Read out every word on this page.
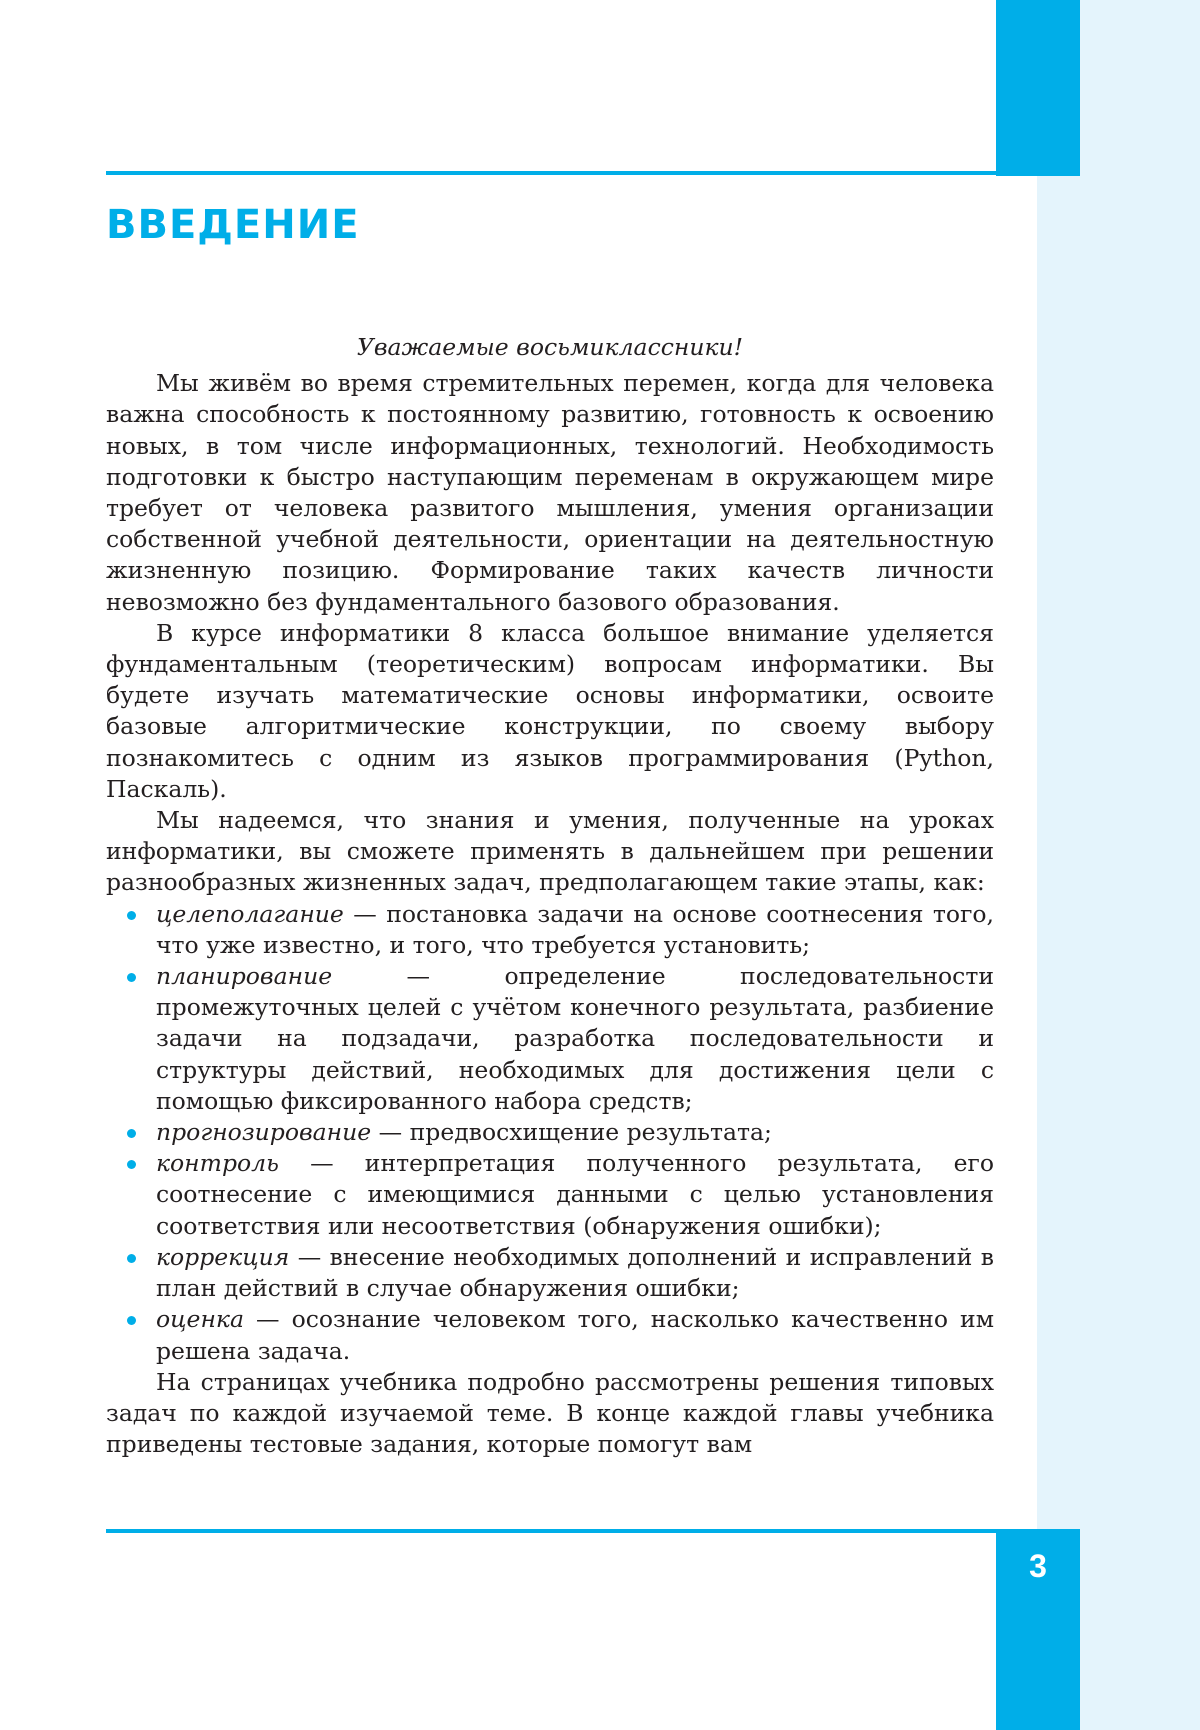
ВВЕДЕНИЕ

Уважаемые восьмиклассники!

Мы живём во время стремительных перемен, когда для человека важна способность к постоянному развитию, готовность к освоению новых, в том числе информационных, технологий. Необходимость подготовки к быстро наступающим переменам в окружающем мире требует от человека развитого мышления, умения организации собственной учебной деятельности, ориентации на деятельностную жизненную позицию. Формирование таких качеств личности невозможно без фундаментального базового образования.

В курсе информатики 8 класса большое внимание уделяется фундаментальным (теоретическим) вопросам информатики. Вы будете изучать математические основы информатики, освоите базовые алгоритмические конструкции, по своему выбору познакомитесь с одним из языков программирования (Python, Паскаль).

Мы надеемся, что знания и умения, полученные на уроках информатики, вы сможете применять в дальнейшем при решении разнообразных жизненных задач, предполагающем такие этапы, как:

целеполагание — постановка задачи на основе соотнесения того, что уже известно, и того, что требуется установить;
планирование — определение последовательности промежуточных целей с учётом конечного результата, разбиение задачи на подзадачи, разработка последовательности и структуры действий, необходимых для достижения цели с помощью фиксированного набора средств;
прогнозирование — предвосхищение результата;
контроль — интерпретация полученного результата, его соотнесение с имеющимися данными с целью установления соответствия или несоответствия (обнаружения ошибки);
коррекция — внесение необходимых дополнений и исправлений в план действий в случае обнаружения ошибки;
оценка — осознание человеком того, насколько качественно им решена задача.

На страницах учебника подробно рассмотрены решения типовых задач по каждой изучаемой теме. В конце каждой главы учебника приведены тестовые задания, которые помогут вам

3
